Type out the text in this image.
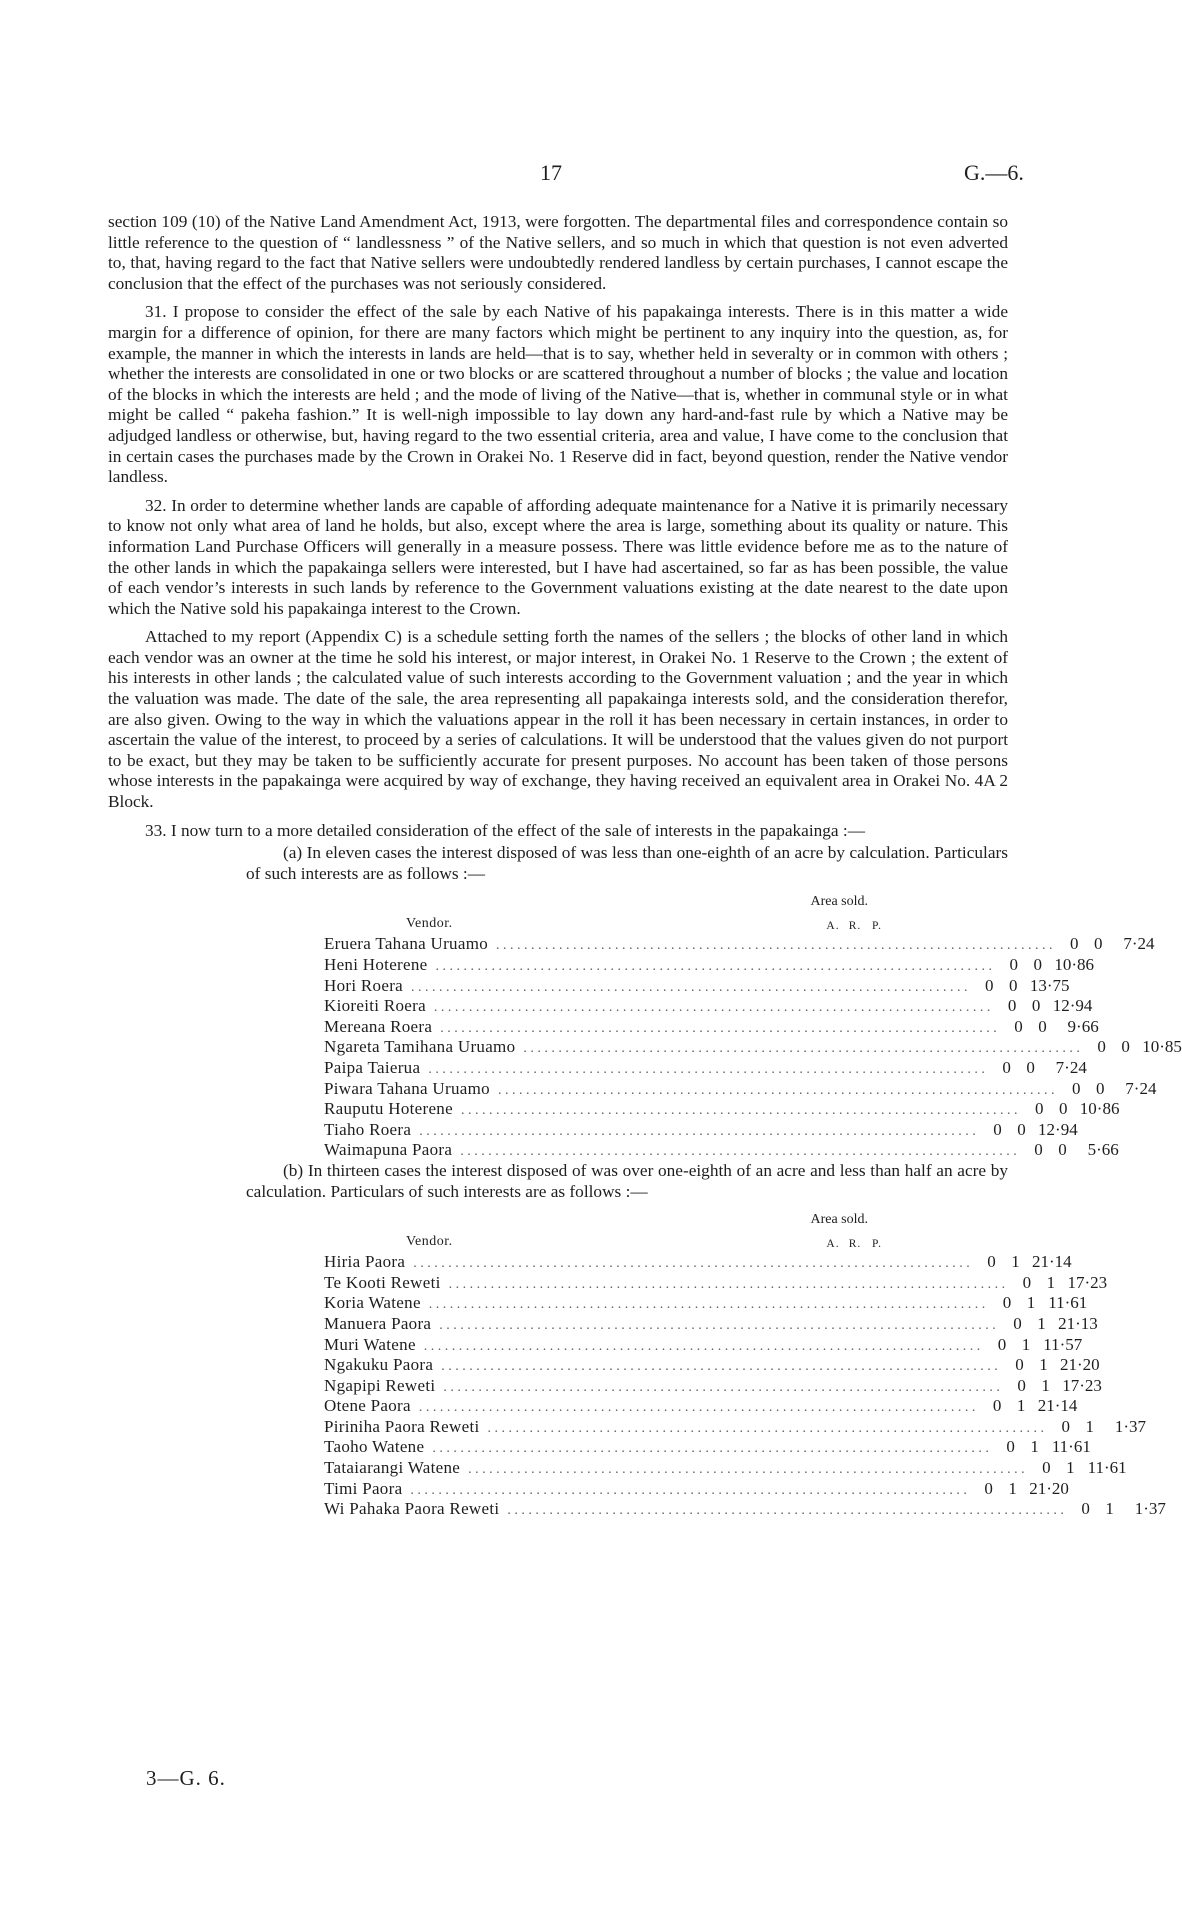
17	G.—6.

section 109 (10) of the Native Land Amendment Act, 1913, were forgotten. The departmental files and correspondence contain so little reference to the question of “ landlessness ” of the Native sellers, and so much in which that question is not even adverted to, that, having regard to the fact that Native sellers were undoubtedly rendered landless by certain purchases, I cannot escape the conclusion that the effect of the purchases was not seriously considered.

31. I propose to consider the effect of the sale by each Native of his papakainga interests. There is in this matter a wide margin for a difference of opinion, for there are many factors which might be pertinent to any inquiry into the question, as, for example, the manner in which the interests in lands are held—that is to say, whether held in severalty or in common with others ; whether the interests are consolidated in one or two blocks or are scattered throughout a number of blocks ; the value and location of the blocks in which the interests are held ; and the mode of living of the Native—that is, whether in communal style or in what might be called “ pakeha fashion.” It is well-nigh impossible to lay down any hard-and-fast rule by which a Native may be adjudged landless or otherwise, but, having regard to the two essential criteria, area and value, I have come to the conclusion that in certain cases the purchases made by the Crown in Orakei No. 1 Reserve did in fact, beyond question, render the Native vendor landless.

32. In order to determine whether lands are capable of affording adequate maintenance for a Native it is primarily necessary to know not only what area of land he holds, but also, except where the area is large, something about its quality or nature. This information Land Purchase Officers will generally in a measure possess. There was little evidence before me as to the nature of the other lands in which the papakainga sellers were interested, but I have had ascertained, so far as has been possible, the value of each vendor’s interests in such lands by reference to the Government valuations existing at the date nearest to the date upon which the Native sold his papakainga interest to the Crown.

Attached to my report (Appendix C) is a schedule setting forth the names of the sellers ; the blocks of other land in which each vendor was an owner at the time he sold his interest, or major interest, in Orakei No. 1 Reserve to the Crown ; the extent of his interests in other lands ; the calculated value of such interests according to the Government valuation ; and the year in which the valuation was made. The date of the sale, the area representing all papakainga interests sold, and the consideration therefor, are also given. Owing to the way in which the valuations appear in the roll it has been necessary in certain instances, in order to ascertain the value of the interest, to proceed by a series of calculations. It will be understood that the values given do not purport to be exact, but they may be taken to be sufficiently accurate for present purposes. No account has been taken of those persons whose interests in the papakainga were acquired by way of exchange, they having received an equivalent area in Orakei No. 4A 2 Block.

33. I now turn to a more detailed consideration of the effect of the sale of interests in the papakainga :—

(a) In eleven cases the interest disposed of was less than one-eighth of an acre by calculation. Particulars of such interests are as follows :—

Area sold.
Vendor.	A. R. P.
Eruera Tahana Uruamo . . . . . . . . . . . . . . . . . . . . . . . . . . . . . . . . . . . . . . . . . . . . . . . . . . . . . . . . . . . . . . . . . . . . . . . . . . . . . . . .	0 0	7·24
Heni Hoterene . . . . . . . . . . . . . . . . . . . . . . . . . . . . . . . . . . . . . . . . . . . . . . . . . . . . . . . . . . . . . . . . . . . . . . . . . . . . . . . .	0 0 10·86
Hori Roera . . . . . . . . . . . . . . . . . . . . . . . . . . . . . . . . . . . . . . . . . . . . . . . . . . . . . . . . . . . . . . . . . . . . . . . . . . . . . . . .	0 0 13·75
Kioreiti Roera . . . . . . . . . . . . . . . . . . . . . . . . . . . . . . . . . . . . . . . . . . . . . . . . . . . . . . . . . . . . . . . . . . . . . . . . . . . . . . . .	0 0 12·94
Mereana Roera . . . . . . . . . . . . . . . . . . . . . . . . . . . . . . . . . . . . . . . . . . . . . . . . . . . . . . . . . . . . . . . . . . . . . . . . . . . . . . . .	0 0	9·66
Ngareta Tamihana Uruamo . . . . . . . . . . . . . . . . . . . . . . . . . . . . . . . . . . . . . . . . . . . . . . . . . . . . . . . . . . . . . . . . . . . . . . . . . . . . . . . .	0 0 10·85
Paipa Taierua . . . . . . . . . . . . . . . . . . . . . . . . . . . . . . . . . . . . . . . . . . . . . . . . . . . . . . . . . . . . . . . . . . . . . . . . . . . . . . . .	0 0	7·24
Piwara Tahana Uruamo . . . . . . . . . . . . . . . . . . . . . . . . . . . . . . . . . . . . . . . . . . . . . . . . . . . . . . . . . . . . . . . . . . . . . . . . . . . . . . . .	0 0	7·24
Rauputu Hoterene . . . . . . . . . . . . . . . . . . . . . . . . . . . . . . . . . . . . . . . . . . . . . . . . . . . . . . . . . . . . . . . . . . . . . . . . . . . . . . . .	0 0 10·86
Tiaho Roera . . . . . . . . . . . . . . . . . . . . . . . . . . . . . . . . . . . . . . . . . . . . . . . . . . . . . . . . . . . . . . . . . . . . . . . . . . . . . . . .	0 0 12·94
Waimapuna Paora . . . . . . . . . . . . . . . . . . . . . . . . . . . . . . . . . . . . . . . . . . . . . . . . . . . . . . . . . . . . . . . . . . . . . . . . . . . . . . . .	0 0	5·66

(b) In thirteen cases the interest disposed of was over one-eighth of an acre and less than half an acre by calculation. Particulars of such interests are as follows :—

Area sold.
Vendor.	A. R. P.
Hiria Paora . . . . . . . . . . . . . . . . . . . . . . . . . . . . . . . . . . . . . . . . . . . . . . . . . . . . . . . . . . . . . . . . . . . . . . . . . . . . . . . .	0 1 21·14
Te Kooti Reweti . . . . . . . . . . . . . . . . . . . . . . . . . . . . . . . . . . . . . . . . . . . . . . . . . . . . . . . . . . . . . . . . . . . . . . . . . . . . . . . .	0 1 17·23
Koria Watene . . . . . . . . . . . . . . . . . . . . . . . . . . . . . . . . . . . . . . . . . . . . . . . . . . . . . . . . . . . . . . . . . . . . . . . . . . . . . . . .	0 1 11·61
Manuera Paora . . . . . . . . . . . . . . . . . . . . . . . . . . . . . . . . . . . . . . . . . . . . . . . . . . . . . . . . . . . . . . . . . . . . . . . . . . . . . . . .	0 1 21·13
Muri Watene . . . . . . . . . . . . . . . . . . . . . . . . . . . . . . . . . . . . . . . . . . . . . . . . . . . . . . . . . . . . . . . . . . . . . . . . . . . . . . . .	0 1 11·57
Ngakuku Paora . . . . . . . . . . . . . . . . . . . . . . . . . . . . . . . . . . . . . . . . . . . . . . . . . . . . . . . . . . . . . . . . . . . . . . . . . . . . . . . .	0 1 21·20
Ngapipi Reweti . . . . . . . . . . . . . . . . . . . . . . . . . . . . . . . . . . . . . . . . . . . . . . . . . . . . . . . . . . . . . . . . . . . . . . . . . . . . . . . .	0 1 17·23
Otene Paora . . . . . . . . . . . . . . . . . . . . . . . . . . . . . . . . . . . . . . . . . . . . . . . . . . . . . . . . . . . . . . . . . . . . . . . . . . . . . . . .	0 1 21·14
Piriniha Paora Reweti . . . . . . . . . . . . . . . . . . . . . . . . . . . . . . . . . . . . . . . . . . . . . . . . . . . . . . . . . . . . . . . . . . . . . . . . . . . . . . . .	0 1	1·37
Taoho Watene . . . . . . . . . . . . . . . . . . . . . . . . . . . . . . . . . . . . . . . . . . . . . . . . . . . . . . . . . . . . . . . . . . . . . . . . . . . . . . . .	0 1 11·61
Tataiarangi Watene . . . . . . . . . . . . . . . . . . . . . . . . . . . . . . . . . . . . . . . . . . . . . . . . . . . . . . . . . . . . . . . . . . . . . . . . . . . . . . . .	0 1 11·61
Timi Paora . . . . . . . . . . . . . . . . . . . . . . . . . . . . . . . . . . . . . . . . . . . . . . . . . . . . . . . . . . . . . . . . . . . . . . . . . . . . . . . .	0 1 21·20
Wi Pahaka Paora Reweti . . . . . . . . . . . . . . . . . . . . . . . . . . . . . . . . . . . . . . . . . . . . . . . . . . . . . . . . . . . . . . . . . . . . . . . . . . . . . . . .	0 1	1·37
3—G. 6.
